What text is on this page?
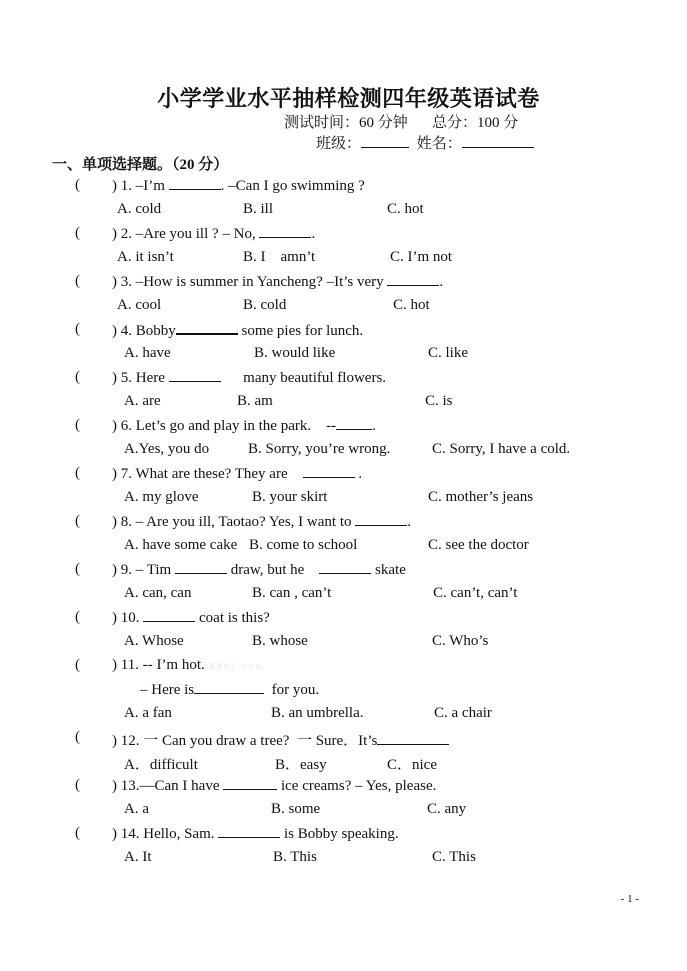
小学学业水平抽样检测四年级英语试卷
测试时间：60 分钟 总分：100 分
班级：	姓名：
一、单项选择题。（20 分）
( ) 1. –I’m	. –Can I go swimming ?
A. cold	B. ill	C. hot
( ) 2. –Are you ill ? – No,	.
A. it isn’t	B. I    amn’t	C. I’m not
( ) 3. –How is summer in Yancheng? –It’s very	.
A. cool	B. cold	C. hot
( ) 4. Bobby	some pies for lunch.
A. have	B. would like	C. like
( ) 5. Here	many beautiful flowers.
A. are	B. am	C. is
( ) 6. Let’s go and play in the park.    -- .
A.Yes, you do	B. Sorry, you’re wrong.	C. Sorry, I have a cold.
( ) 7. What are these? They are	.
A. my glove	B. your skirt	C. mother’s jeans
( ) 8. – Are you ill, Taotao? Yes, I want to	.
A. have some cake B. come to school	C. see the doctor
( ) 9. – Tim	draw, but he	skate
A. can, can	B. can , can’t	C. can’t, can’t
( ) 10.	coat is this?
A. Whose	B. whose	C. Who’s
( ) 11. -- I’m hot. X k b 1 . c o m
– Here is	for you.
A. a fan	B. an umbrella.	C. a chair
( ) 12. 一 Can you draw a tree?  一 Sure．It’s
A．difficult	B．easy	C．nice
( ) 13.—Can I have	ice creams? – Yes, please.
A. a	B. some	C. any
( ) 14. Hello, Sam.	is Bobby speaking.
A. It	B. This	C. This
- 1 -
